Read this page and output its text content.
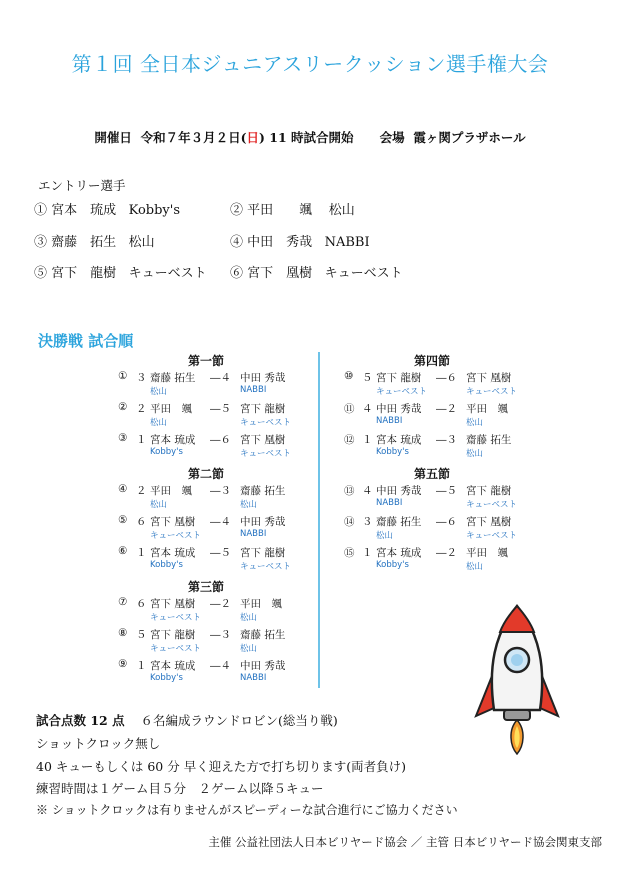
第１回 全日本ジュニアスリークッション選手権大会
開催日 令和７年３月２日(日) 11 時試合開始 会場 霞ヶ関プラザホール
エントリー選手
① 宮本　琉成 Kobby's	② 平田　　颯 松山
③ 齋藤　拓生 松山	④ 中田　秀哉 NABBI
⑤ 宮下　龍樹 キューベスト ⑥ 宮下　凰樹 キューベスト
決勝戦 試合順
第一節
① ３ 齋藤 拓生 ―４ 中田 秀哉
松山	NABBI
② ２ 平田　颯 ―５ 宮下 龍樹
松山	キューベスト
③ １ 宮本 琉成 ―６ 宮下 凰樹
Kobby's	キューベスト
第二節
④ ２ 平田　颯 ―３ 齋藤 拓生
松山	松山
⑤ ６ 宮下 凰樹 ―４ 中田 秀哉
キューベスト	NABBI
⑥ １ 宮本 琉成 ―５ 宮下 龍樹
Kobby's	キューベスト
第三節
⑦ ６ 宮下 凰樹 ―２ 平田　颯
キューベスト	松山
⑧ ５ 宮下 龍樹 ―３ 齋藤 拓生
キューベスト	松山
⑨ １ 宮本 琉成 ―４ 中田 秀哉
Kobby's	NABBI
第四節
⑩ ５ 宮下 龍樹 ―６ 宮下 凰樹
キューベスト	キューベスト
⑪ ４ 中田 秀哉 ―２ 平田　颯
NABBI	松山
⑫ １ 宮本 琉成 ―３ 齋藤 拓生
Kobby's	松山
第五節
⑬ ４ 中田 秀哉 ―５ 宮下 龍樹
NABBI	キューベスト
⑭ ３ 齋藤 拓生 ―６ 宮下 凰樹
松山	キューベスト
⑮ １ 宮本 琉成 ―２ 平田　颯
Kobby's	松山
試合点数 12 点 ６名編成ラウンドロビン(総当り戦)
ショットクロック無し
40 キューもしくは 60 分 早く迎えた方で打ち切ります(両者負け)
練習時間は１ゲーム目５分　２ゲーム以降５キュー
※ ショットクロックは有りませんがスピーディーな試合進行にご協力ください
主催 公益社団法人日本ビリヤード協会 ／ 主管 日本ビリヤード協会関東支部
